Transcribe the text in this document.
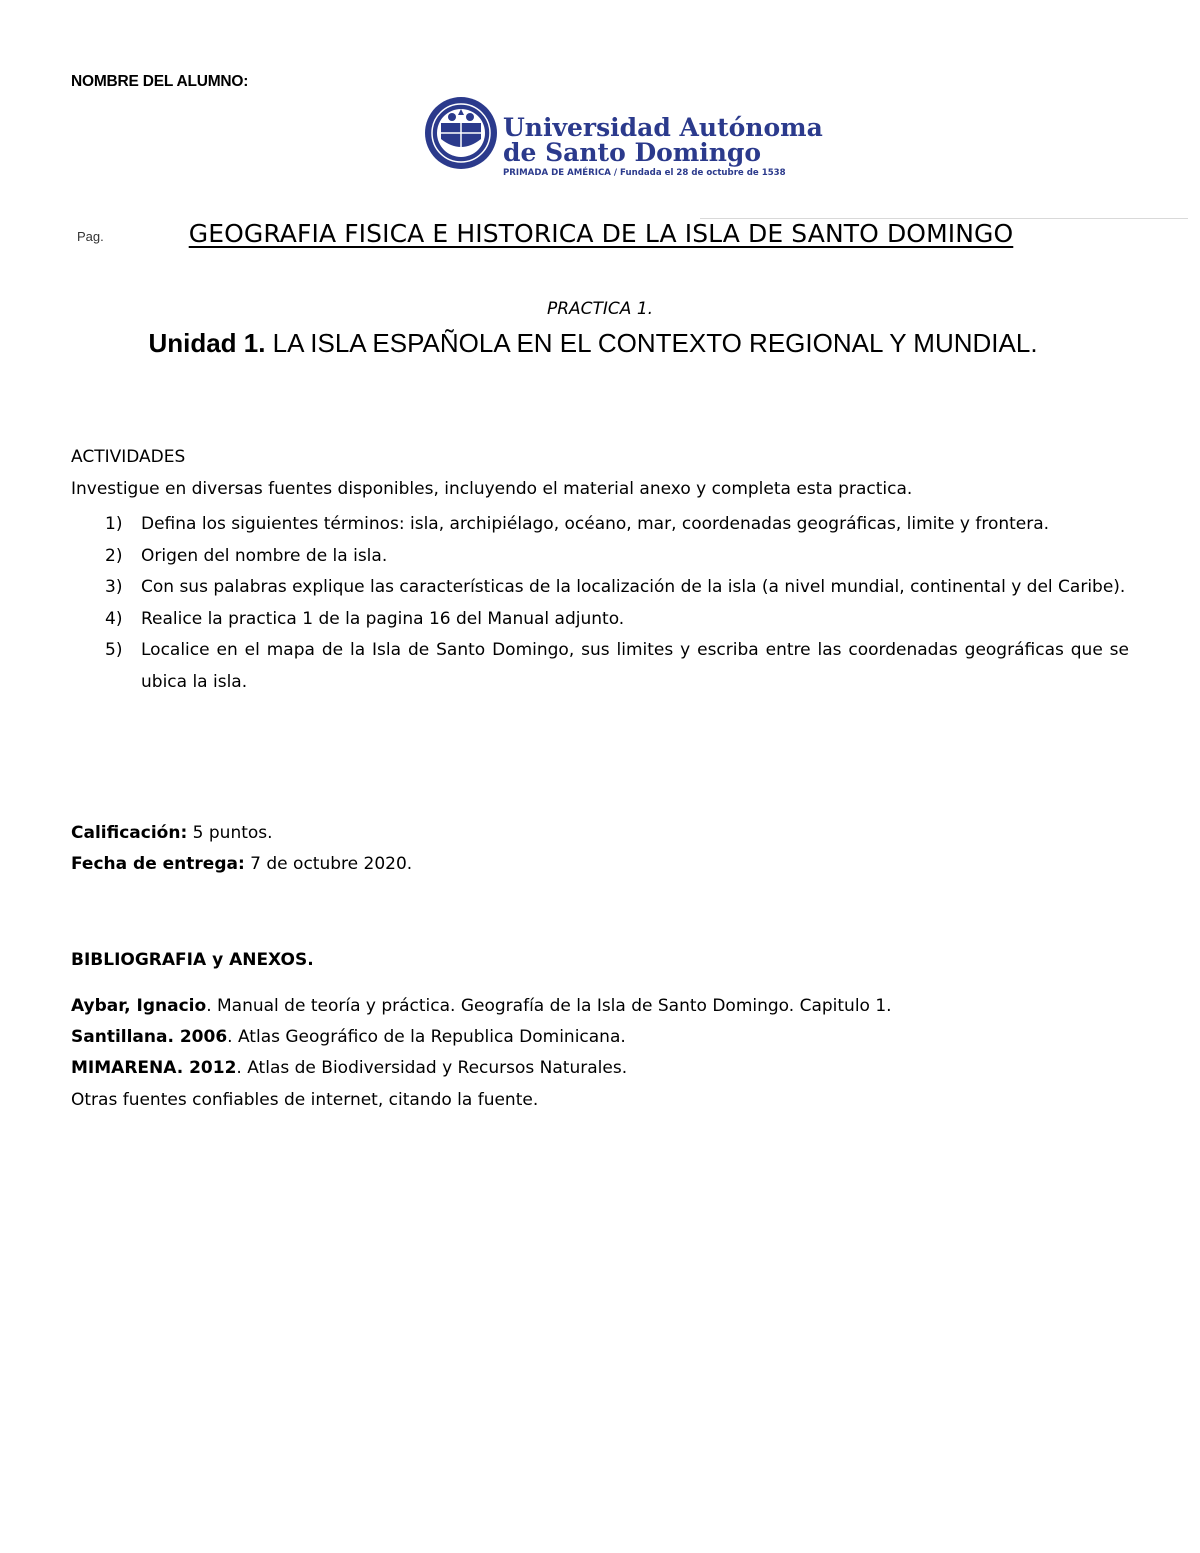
NOMBRE DEL ALUMNO:
Universidad Autónoma
de Santo Domingo
PRIMADA DE AMÉRICA / Fundada el 28 de octubre de 1538
Pag.	GEOGRAFIA FISICA E HISTORICA DE LA ISLA DE SANTO DOMINGO
PRACTICA 1.
Unidad 1. LA ISLA ESPAÑOLA EN EL CONTEXTO REGIONAL Y MUNDIAL.
ACTIVIDADES
Investigue en diversas fuentes disponibles, incluyendo el material anexo y completa esta practica.
1) Defina los siguientes términos: isla, archipiélago, océano, mar, coordenadas geográficas, limite y frontera.
2) Origen del nombre de la isla.
3) Con sus palabras explique las características de la localización de la isla (a nivel mundial, continental y del Caribe).
4) Realice la practica 1 de la pagina 16 del Manual adjunto.
5) Localice en el mapa de la Isla de Santo Domingo, sus limites y escriba entre las coordenadas geográficas que se ubica la isla.
Calificación: 5 puntos.
Fecha de entrega: 7 de octubre 2020.
BIBLIOGRAFIA y ANEXOS.
Aybar, Ignacio. Manual de teoría y práctica. Geografía de la Isla de Santo Domingo. Capitulo 1.
Santillana. 2006. Atlas Geográfico de la Republica Dominicana.
MIMARENA. 2012. Atlas de Biodiversidad y Recursos Naturales.
Otras fuentes confiables de internet, citando la fuente.
